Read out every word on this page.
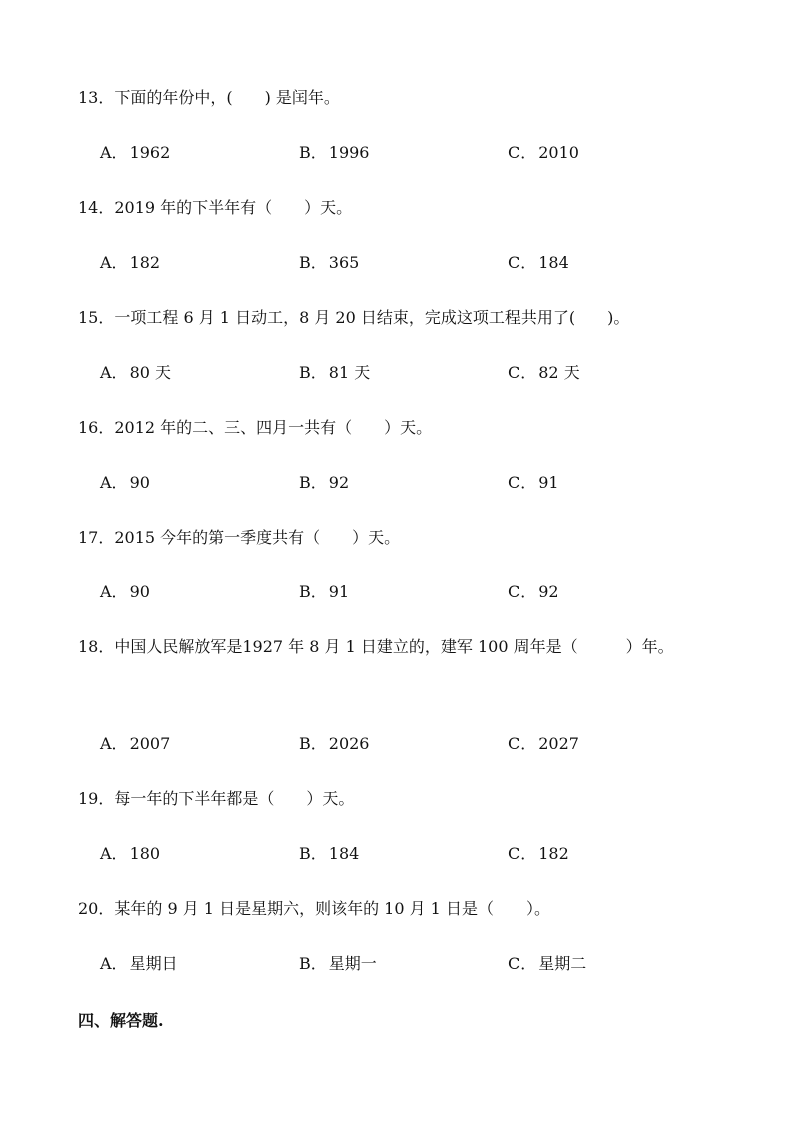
13．下面的年份中，(　　) 是闰年。
A． 1962	B． 1996	C． 2010
14．2019 年的下半年有（　　）天。
A． 182	B． 365	C． 184
15．一项工程 6 月 1 日动工，8 月 20 日结束，完成这项工程共用了(　　)。
A． 80 天	B． 81 天	C． 82 天
16．2012 年的二、三、四月一共有（　　）天。
A． 90	B． 92	C． 91
17．2015 今年的第一季度共有（　　）天。
A． 90	B． 91	C． 92
18．中国人民解放军是1927 年 8 月 1 日建立的，建军 100 周年是（　　　）年。
A． 2007	B． 2026	C． 2027
19．每一年的下半年都是（　　）天。
A． 180	B． 184	C． 182
20．某年的 9 月 1 日是星期六，则该年的 10 月 1 日是（　　）。
A． 星期日	B． 星期一	C． 星期二
四、解答题.
